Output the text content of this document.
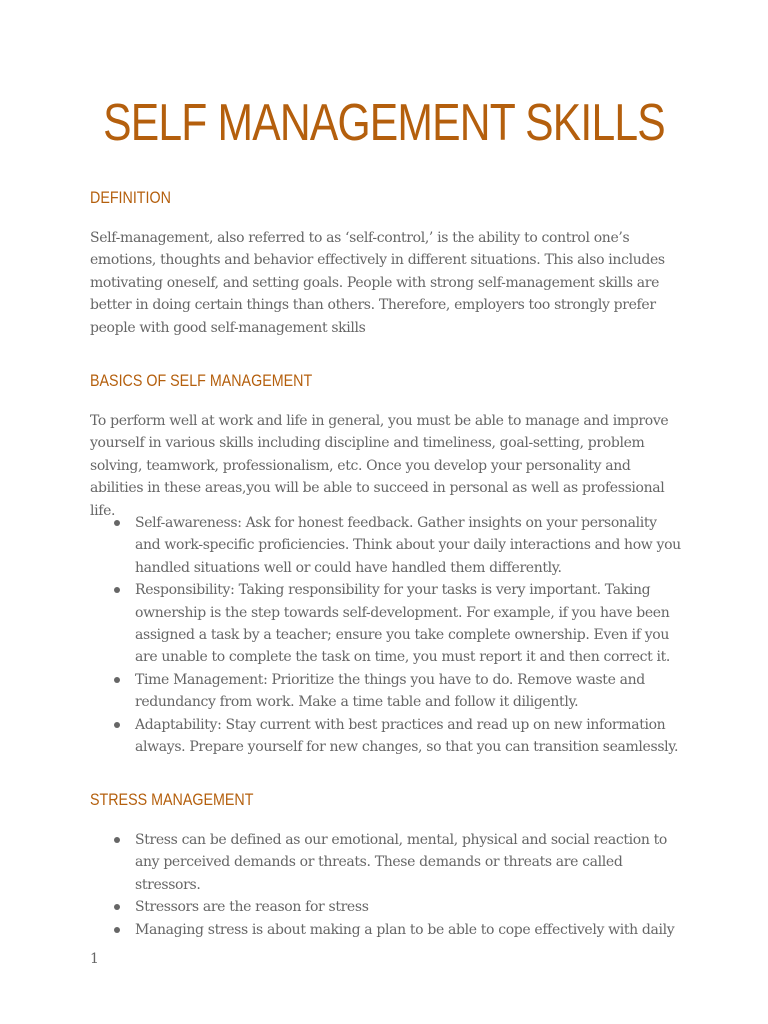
SELF MANAGEMENT SKILLS
DEFINITION

Self-management, also referred to as ‘self-control,’ is the ability to control one’s emotions, thoughts and behavior effectively in different situations. This also includes motivating oneself, and setting goals. People with strong self-management skills are better in doing certain things than others. Therefore, employers too strongly prefer people with good self-management skills

BASICS OF SELF MANAGEMENT

To perform well at work and life in general, you must be able to manage and improve yourself in various skills including discipline and timeliness, goal-setting, problem solving, teamwork, professionalism, etc. Once you develop your personality and abilities in these areas,you will be able to succeed in personal as well as professional life.

Self-awareness: Ask for honest feedback. Gather insights on your personality and work-specific proficiencies. Think about your daily interactions and how you handled situations well or could have handled them differently.
Responsibility: Taking responsibility for your tasks is very important. Taking ownership is the step towards self-development. For example, if you have been assigned a task by a teacher; ensure you take complete ownership. Even if you are unable to complete the task on time, you must report it and then correct it.
Time Management: Prioritize the things you have to do. Remove waste and redundancy from work. Make a time table and follow it diligently.
Adaptability: Stay current with best practices and read up on new information always. Prepare yourself for new changes, so that you can transition seamlessly.
STRESS MANAGEMENT
Stress can be defined as our emotional, mental, physical and social reaction to any perceived demands or threats. These demands or threats are called stressors.
Stressors are the reason for stress
Managing stress is about making a plan to be able to cope effectively with daily
1
